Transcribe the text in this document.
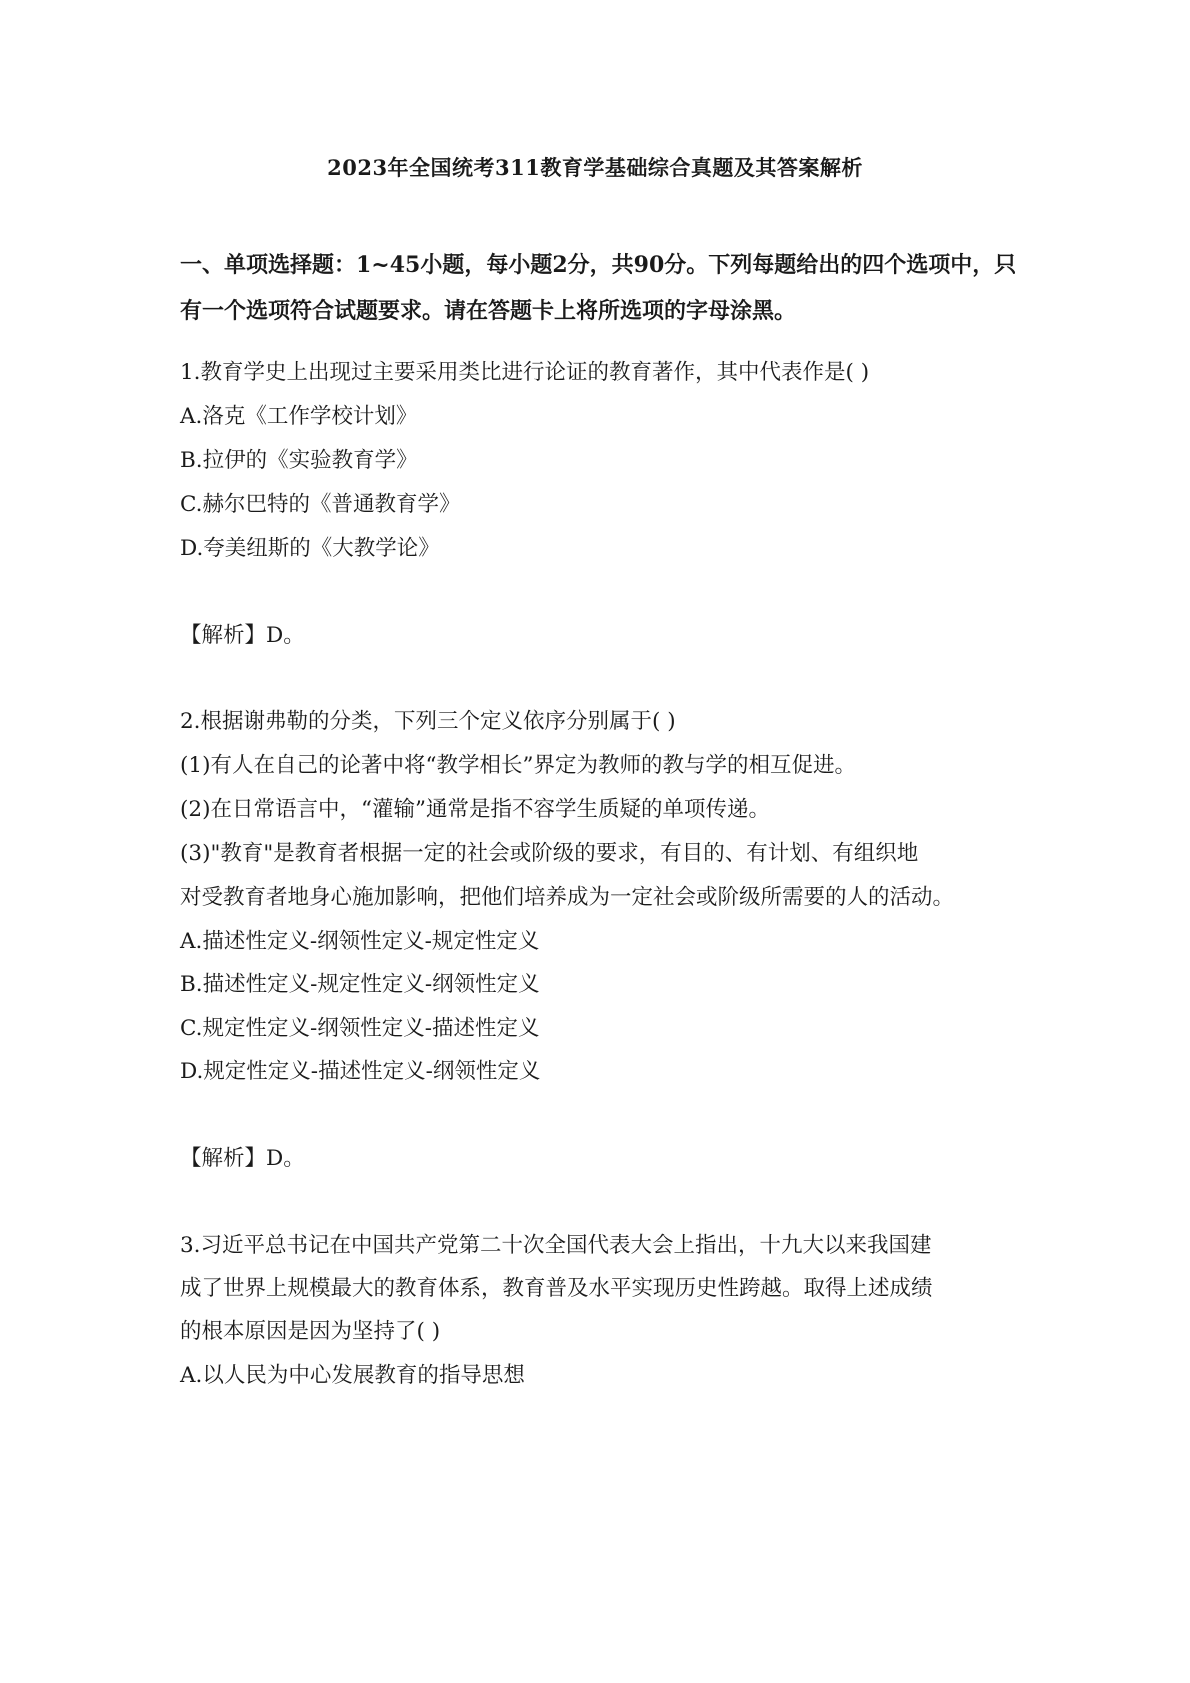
2023年全国统考311教育学基础综合真题及其答案解析
一、单项选择题：1~45小题，每小题2分，共90分。下列每题给出的四个选项中，只有一个选项符合试题要求。请在答题卡上将所选项的字母涂黑。
1.教育学史上出现过主要采用类比进行论证的教育著作，其中代表作是( )
A.洛克《工作学校计划》
B.拉伊的《实验教育学》
C.赫尔巴特的《普通教育学》
D.夸美纽斯的《大教学论》
【解析】D。
2.根据谢弗勒的分类，下列三个定义依序分别属于( )
(1)有人在自己的论著中将“教学相长”界定为教师的教与学的相互促进。
(2)在日常语言中，“灌输”通常是指不容学生质疑的单项传递。
(3)"教育"是教育者根据一定的社会或阶级的要求，有目的、有计划、有组织地
对受教育者地身心施加影响，把他们培养成为一定社会或阶级所需要的人的活动。
A.描述性定义-纲领性定义-规定性定义
B.描述性定义-规定性定义-纲领性定义
C.规定性定义-纲领性定义-描述性定义
D.规定性定义-描述性定义-纲领性定义
【解析】D。
3.习近平总书记在中国共产党第二十次全国代表大会上指出，十九大以来我国建
成了世界上规模最大的教育体系，教育普及水平实现历史性跨越。取得上述成绩
的根本原因是因为坚持了( )
A.以人民为中心发展教育的指导思想
